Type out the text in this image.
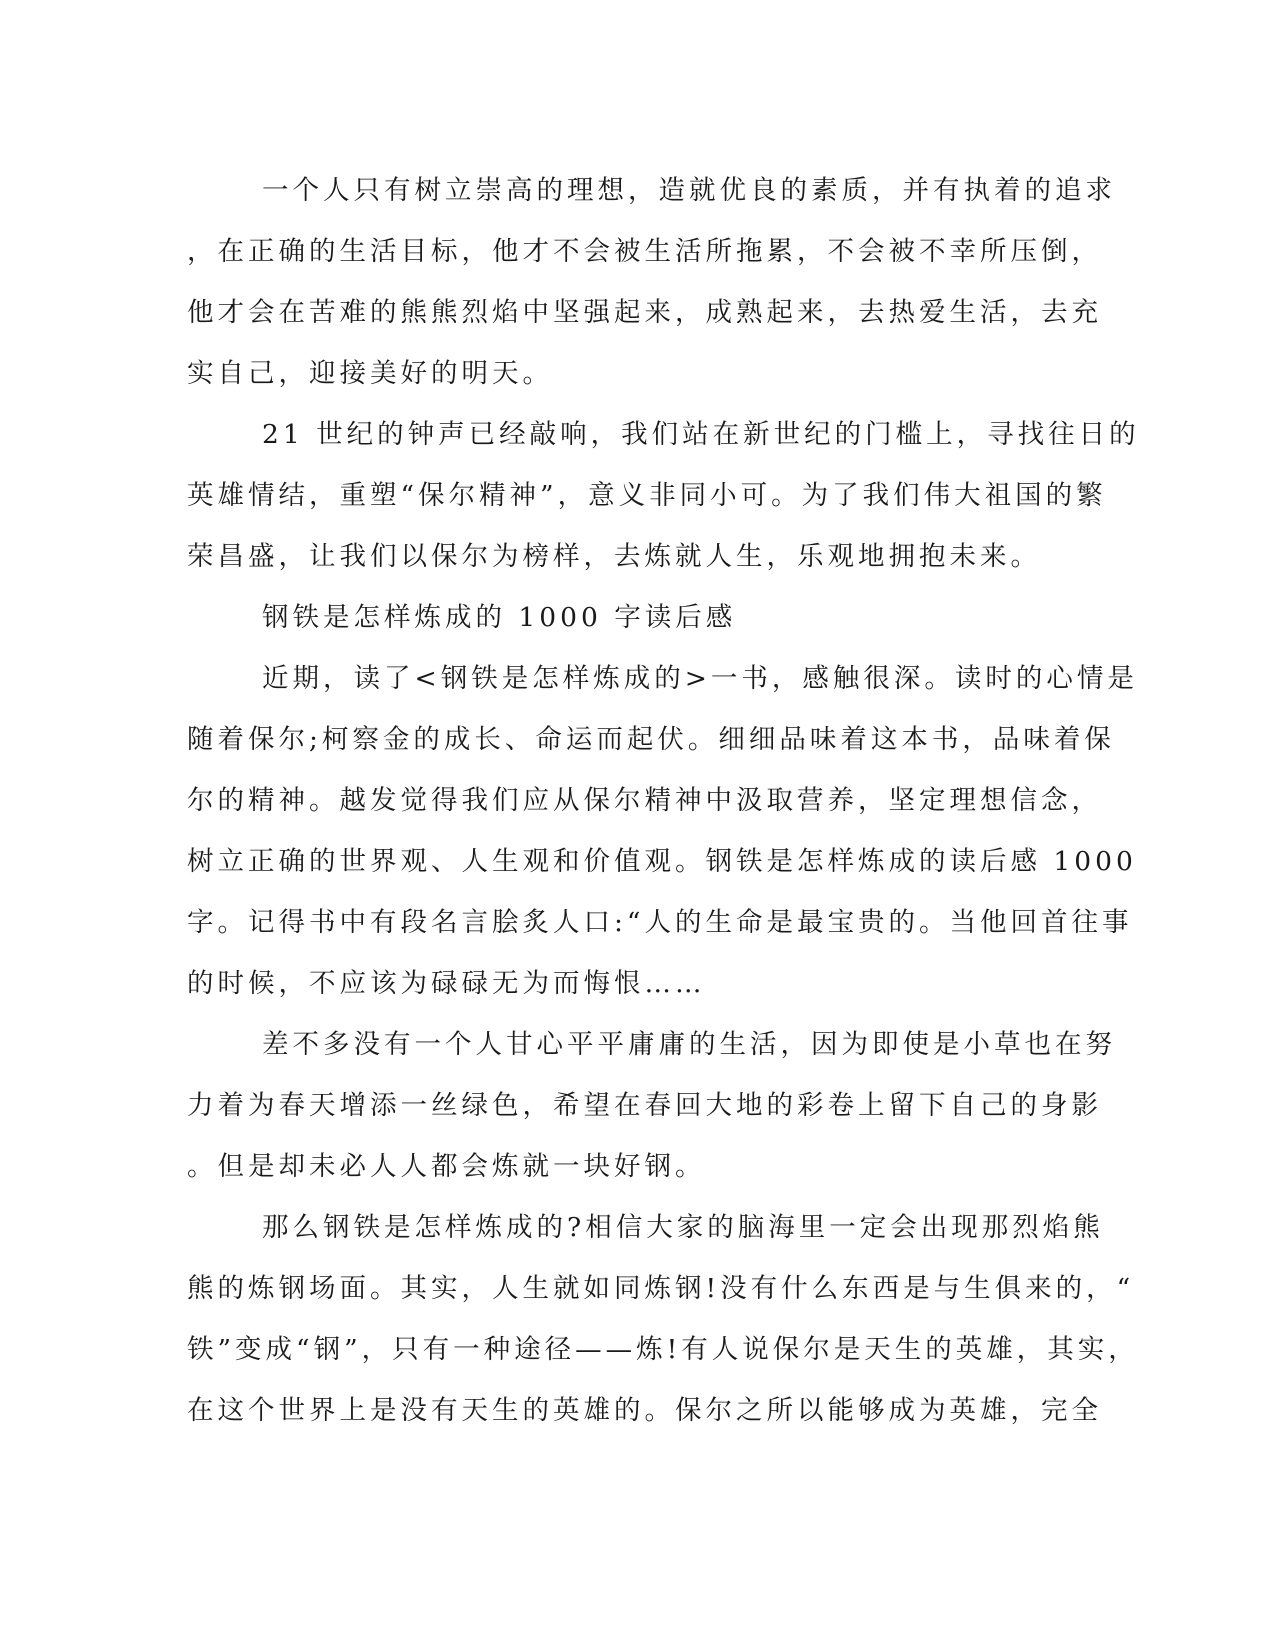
一个人只有树立崇高的理想，造就优良的素质，并有执着的追求
，在正确的生活目标，他才不会被生活所拖累，不会被不幸所压倒，
他才会在苦难的熊熊烈焰中坚强起来，成熟起来，去热爱生活，去充
实自己，迎接美好的明天。
21 世纪的钟声已经敲响，我们站在新世纪的门槛上，寻找往日的
英雄情结，重塑“保尔精神”，意义非同小可。为了我们伟大祖国的繁
荣昌盛，让我们以保尔为榜样，去炼就人生，乐观地拥抱未来。
钢铁是怎样炼成的 1000 字读后感
近期，读了<钢铁是怎样炼成的>一书，感触很深。读时的心情是
随着保尔;柯察金的成长、命运而起伏。细细品味着这本书，品味着保
尔的精神。越发觉得我们应从保尔精神中汲取营养，坚定理想信念，
树立正确的世界观、人生观和价值观。钢铁是怎样炼成的读后感 1000
字。记得书中有段名言脍炙人口:“人的生命是最宝贵的。当他回首往事
的时候，不应该为碌碌无为而悔恨……
差不多没有一个人甘心平平庸庸的生活，因为即使是小草也在努
力着为春天增添一丝绿色，希望在春回大地的彩卷上留下自己的身影
。但是却未必人人都会炼就一块好钢。
那么钢铁是怎样炼成的?相信大家的脑海里一定会出现那烈焰熊
熊的炼钢场面。其实，人生就如同炼钢!没有什么东西是与生俱来的，“
铁”变成“钢”，只有一种途径——炼!有人说保尔是天生的英雄，其实，
在这个世界上是没有天生的英雄的。保尔之所以能够成为英雄，完全
